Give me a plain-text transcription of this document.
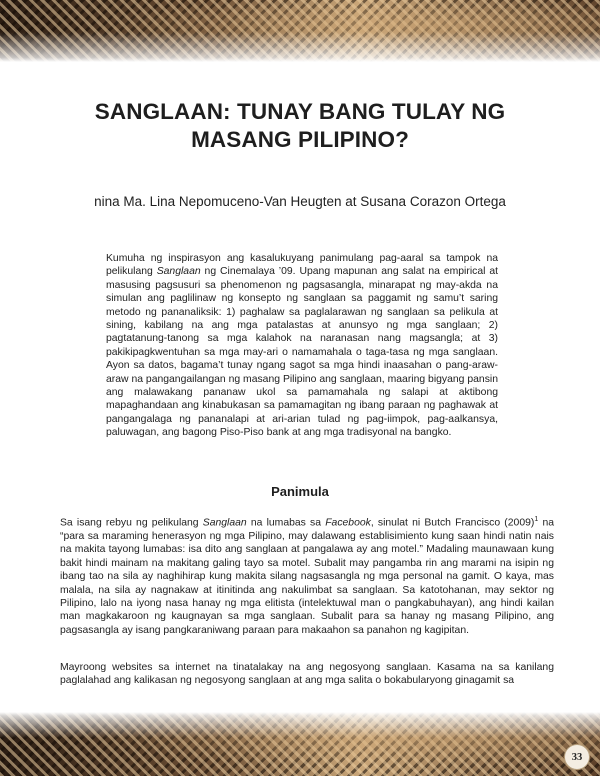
SANGLAAN: TUNAY BANG TULAY NG MASANG PILIPINO?
nina Ma. Lina Nepomuceno-Van Heugten at Susana Corazon Ortega

Kumuha ng inspirasyon ang kasalukuyang panimulang pag-aaral sa tampok na pelikulang Sanglaan ng Cinemalaya ’09. Upang mapunan ang salat na empirical at masusing pagsusuri sa phenomenon ng pagsasangla, minarapat ng may-akda na simulan ang paglilinaw ng konsepto ng sanglaan sa paggamit ng samu’t saring metodo ng pananaliksik: 1) paghalaw sa paglalarawan ng sanglaan sa pelikula at sining, kabilang na ang mga patalastas at anunsyo ng mga sanglaan; 2) pagtatanung-tanong sa mga kalahok na naranasan nang magsangla; at 3) pakikipagkwentuhan sa mga may-ari o namamahala o taga-tasa ng mga sanglaan. Ayon sa datos, bagama’t tunay ngang sagot sa mga hindi inaasahan o pang-araw-araw na pangangailangan ng masang Pilipino ang sanglaan, maaring bigyang pansin ang malawakang pananaw ukol sa pamamahala ng salapi at aktibong mapaghandaan ang kinabukasan sa pamamagitan ng ibang paraan ng paghawak at pangangalaga ng pananalapi at ari-arian tulad ng pag-iimpok, pag-aalkansya, paluwagan, ang bagong Piso-Piso bank at ang mga tradisyonal na bangko.

Panimula

Sa isang rebyu ng pelikulang Sanglaan na lumabas sa Facebook, sinulat ni Butch Francisco $(2009)^1$ na “para sa maraming henerasyon ng mga Pilipino, may dalawang establisimiento kung saan hindi natin nais na makita tayong lumabas: isa dito ang sanglaan at pangalawa ay ang motel.” Madaling maunawaan kung bakit hindi mainam na makitang galing tayo sa motel. Subalit may pangamba rin ang marami na isipin ng ibang tao na sila ay naghihirap kung makita silang nagsasangla ng mga personal na gamit. O kaya, mas malala, na sila ay nagnakaw at itinitinda ang nakulimbat sa sanglaan. Sa katotohanan, may sektor ng Pilipino, lalo na iyong nasa hanay ng mga elitista (intelektuwal man o pangkabuhayan), ang hindi kailan man magkakaroon ng kaugnayan sa mga sanglaan. Subalit para sa hanay ng masang Pilipino, ang pagsasangla ay isang pangkaraniwang paraan para makaahon sa panahon ng kagipitan.

Mayroong websites sa internet na tinatalakay na ang negosyong sanglaan. Kasama na sa kanilang paglalahad ang kalikasan ng negosyong sanglaan at ang mga salita o bokabularyong ginagamit sa

33
